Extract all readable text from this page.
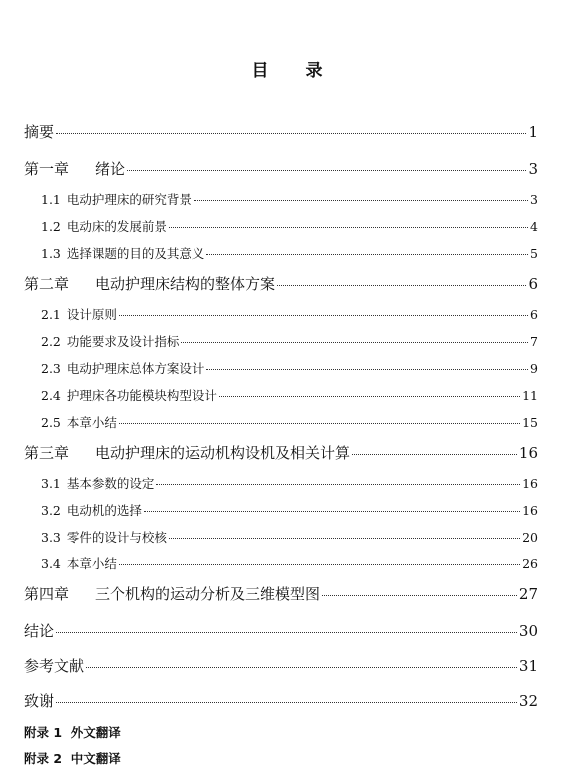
目 录
摘要	1
第一章 绪论	3
1.1 电动护理床的研究背景	3
1.2 电动床的发展前景	4
1.3 选择课题的目的及其意义	5
第二章 电动护理床结构的整体方案	6
2.1 设计原则	6
2.2 功能要求及设计指标	7
2.3 电动护理床总体方案设计	9
2.4 护理床各功能模块构型设计	11
2.5 本章小结	15
第三章 电动护理床的运动机构设机及相关计算	16
3.1 基本参数的设定	16
3.2 电动机的选择	16
3.3 零件的设计与校核	20
3.4 本章小结	26
第四章 三个机构的运动分析及三维模型图	27
结论	30
参考文献	31
致谢	32
附录 1 外文翻译
附录 2 中文翻译
